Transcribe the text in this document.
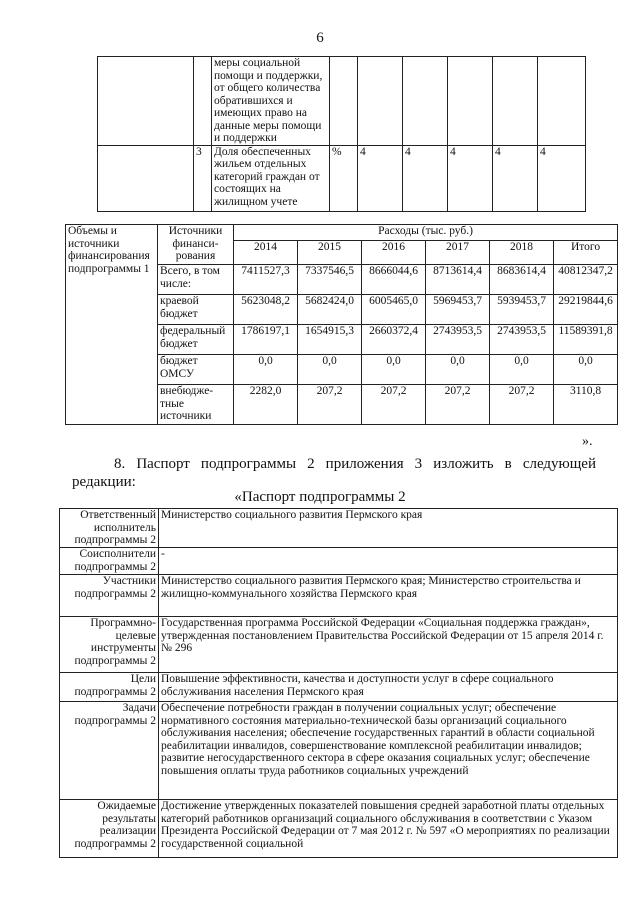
6
		меры социальной помощи и поддержки, от общего количества обратившихся и имеющих право на данные меры помощи и поддержки						
	3	Доля обеспеченных жильем отдельных категорий граждан от состоящих на жилищном учете	%	4	4	4	4	4
Объемы и источники финансирования подпрограммы 1	Источники финанси-рования	Расходы (тыс. руб.)					
		2014	2015	2016	2017	2018	Итого
	Всего, в том числе:	7411527,3	7337546,5	8666044,6	8713614,4	8683614,4	40812347,2
	краевой бюджет	5623048,2	5682424,0	6005465,0	5969453,7	5939453,7	29219844,6
	федеральный бюджет	1786197,1	1654915,3	2660372,4	2743953,5	2743953,5	11589391,8
	бюджет ОМСУ	0,0	0,0	0,0	0,0	0,0	0,0
	внебюдже-тные источники	2282,0	207,2	207,2	207,2	207,2	3110,8
».
8. Паспорт подпрограммы 2 приложения 3 изложить в следующей
редакции:
«Паспорт подпрограммы 2
Ответственный исполнитель подпрограммы 2	Министерство социального развития Пермского края
Соисполнители подпрограммы 2	-
Участники подпрограммы 2	Министерство социального развития Пермского края; Министерство строительства и жилищно-коммунального хозяйства Пермского края
Программно-целевые инструменты подпрограммы 2	Государственная программа Российской Федерации «Социальная поддержка граждан», утвержденная постановлением Правительства Российской Федерации от 15 апреля 2014 г. № 296
Цели подпрограммы 2	Повышение эффективности, качества и доступности услуг в сфере социального обслуживания населения Пермского края
Задачи подпрограммы 2	Обеспечение потребности граждан в получении социальных услуг; обеспечение нормативного состояния материально-технической базы организаций социального обслуживания населения; обеспечение государственных гарантий в области социальной реабилитации инвалидов, совершенствование комплексной реабилитации инвалидов; развитие негосударственного сектора в сфере оказания социальных услуг; обеспечение повышения оплаты труда работников социальных учреждений
Ожидаемые результаты реализации подпрограммы 2	Достижение утвержденных показателей повышения средней заработной платы отдельных категорий работников организаций социального обслуживания в соответствии с Указом Президента Российской Федерации от 7 мая 2012 г. № 597 «О мероприятиях по реализации государственной социальной
